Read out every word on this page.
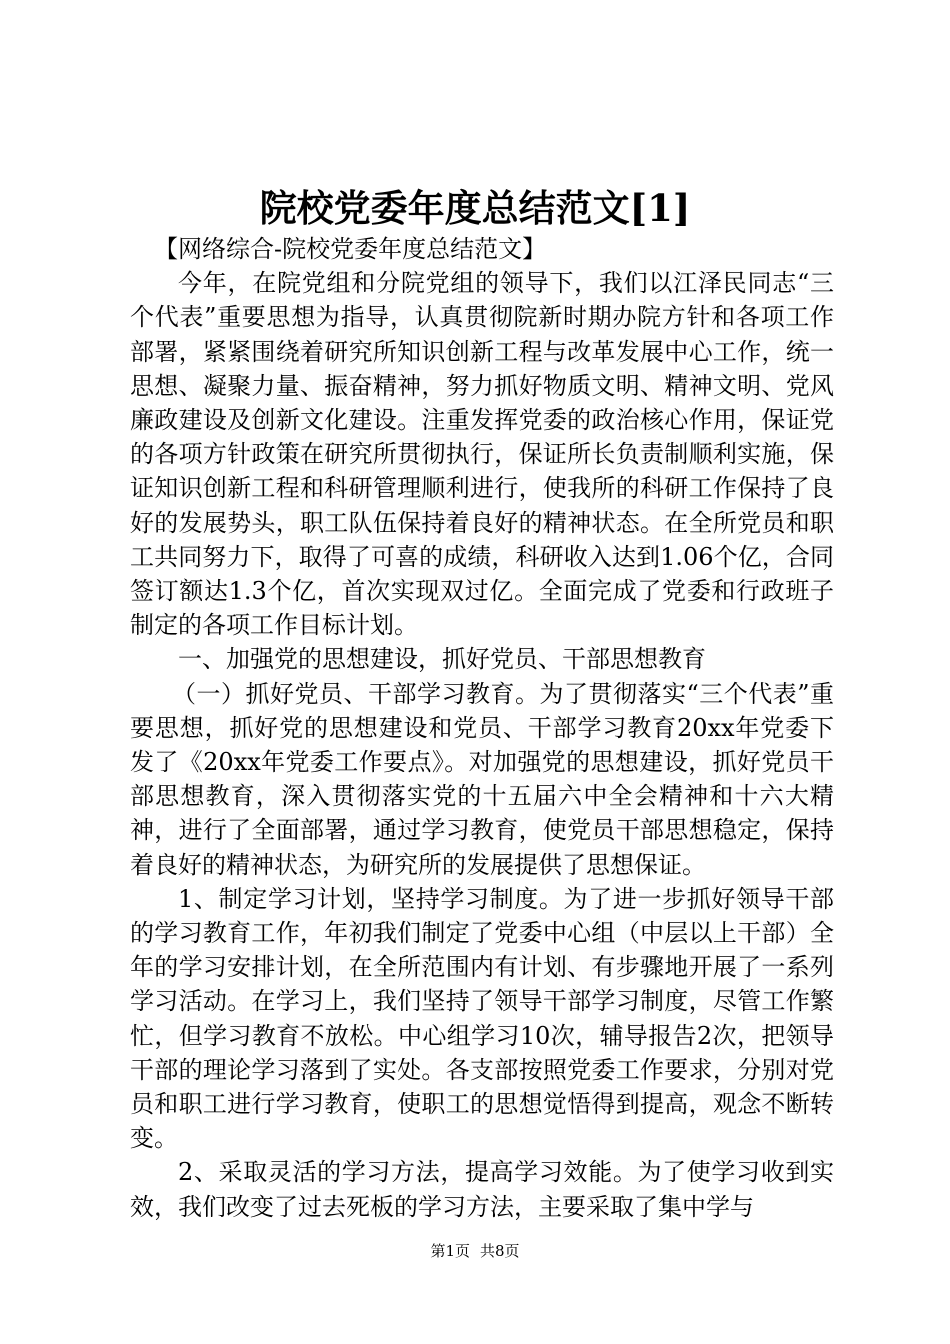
院校党委年度总结范文[1]

【网络综合-院校党委年度总结范文】

今年，在院党组和分院党组的领导下，我们以江泽民同志“三个代表”重要思想为指导，认真贯彻院新时期办院方针和各项工作部署，紧紧围绕着研究所知识创新工程与改革发展中心工作，统一思想、凝聚力量、振奋精神，努力抓好物质文明、精神文明、党风廉政建设及创新文化建设。注重发挥党委的政治核心作用，保证党的各项方针政策在研究所贯彻执行，保证所长负责制顺利实施，保证知识创新工程和科研管理顺利进行，使我所的科研工作保持了良好的发展势头，职工队伍保持着良好的精神状态。在全所党员和职工共同努力下，取得了可喜的成绩，科研收入达到1.06个亿，合同签订额达1.3个亿，首次实现双过亿。全面完成了党委和行政班子制定的各项工作目标计划。

一、加强党的思想建设，抓好党员、干部思想教育

（一）抓好党员、干部学习教育。为了贯彻落实“三个代表”重要思想，抓好党的思想建设和党员、干部学习教育20xx年党委下发了《20xx年党委工作要点》。对加强党的思想建设，抓好党员干部思想教育，深入贯彻落实党的十五届六中全会精神和十六大精神，进行了全面部署，通过学习教育，使党员干部思想稳定，保持着良好的精神状态，为研究所的发展提供了思想保证。

1、制定学习计划，坚持学习制度。为了进一步抓好领导干部的学习教育工作，年初我们制定了党委中心组（中层以上干部）全年的学习安排计划，在全所范围内有计划、有步骤地开展了一系列学习活动。在学习上，我们坚持了领导干部学习制度，尽管工作繁忙，但学习教育不放松。中心组学习10次，辅导报告2次，把领导干部的理论学习落到了实处。各支部按照党委工作要求，分别对党员和职工进行学习教育，使职工的思想觉悟得到提高，观念不断转变。

2、采取灵活的学习方法，提高学习效能。为了使学习收到实效，我们改变了过去死板的学习方法，主要采取了集中学与

第1页 共8页
